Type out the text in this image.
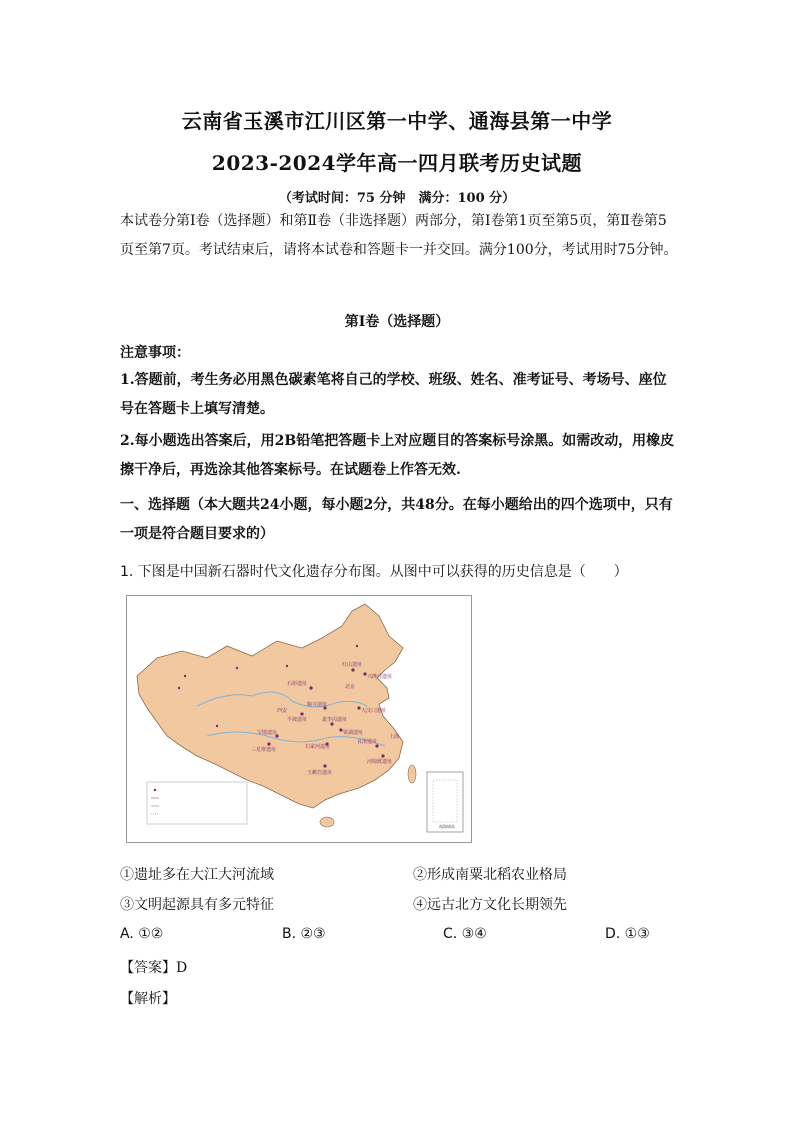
云南省玉溪市江川区第一中学、通海县第一中学
2023-2024学年高一四月联考历史试题
（考试时间：75 分钟　满分：100 分）
本试卷分第Ⅰ卷（选择题）和第Ⅱ卷（非选择题）两部分，第Ⅰ卷第1页至第5页，第Ⅱ卷第5页至第7页。考试结束后，请将本试卷和答题卡一并交回。满分100分，考试用时75分钟。
第Ⅰ卷（选择题）
注意事项：
1.答题前，考生务必用黑色碳素笔将自己的学校、班级、姓名、准考证号、考场号、座位号在答题卡上填写清楚。
2.每小题选出答案后，用2B铅笔把答题卡上对应题目的答案标号涂黑。如需改动，用橡皮擦干净后，再选涂其他答案标号。在试题卷上作答无效.
一、选择题（本大题共24小题，每小题2分，共48分。在每小题给出的四个选项中，只有一项是符合题目要求的）
1. 下图是中国新石器时代文化遗存分布图。从图中可以获得的历史信息是（　　）
红山遗址
兴隆洼遗址
石峁遗址
陶寺遗址
半坡遗址
大汶口遗址
裴李岗遗址
贾湖遗址
石家河遗址
良渚遗址
河姆渡遗址
宝墩遗址
三星堆遗址
玉蟾岩遗址
西安
北京
上海
南海诸岛
①遗址多在大江大河流域	②形成南粟北稻农业格局
③文明起源具有多元特征	④远古北方文化长期领先
A. ①②	B. ②③	C. ③④	D. ①③
【答案】D
【解析】
